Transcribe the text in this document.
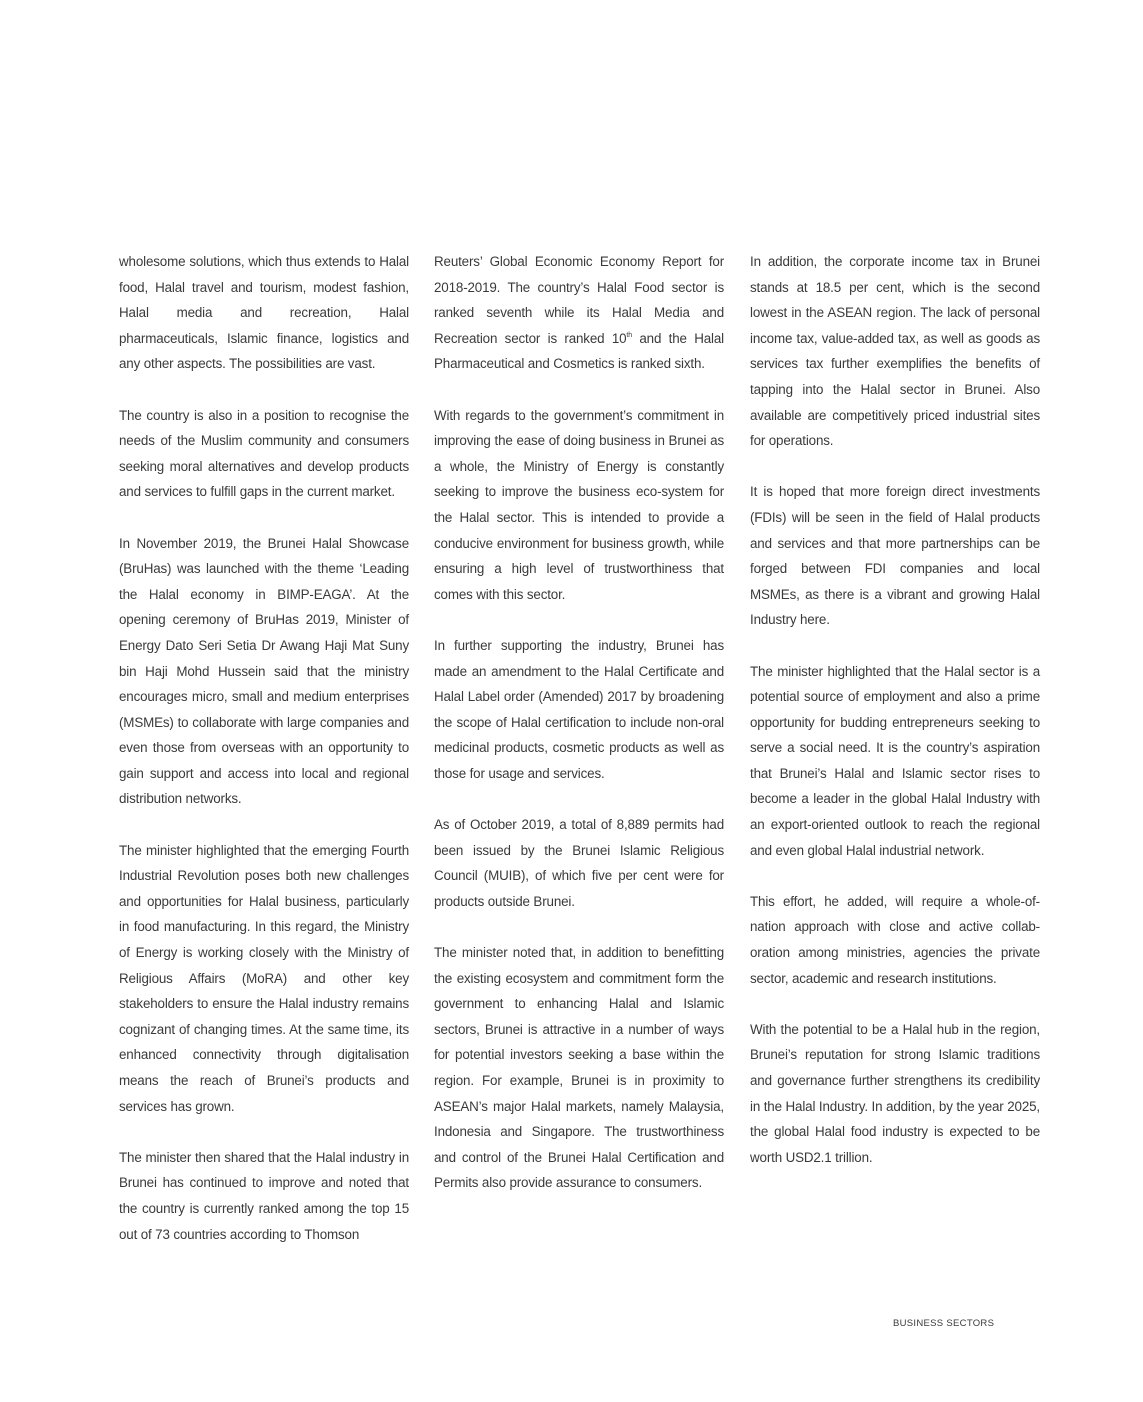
wholesome solutions, which thus extends to Halal food, Halal travel and tourism, modest fashion, Halal media and recreation, Halal pharmaceuticals, Islamic finance, logistics and any other aspects. The possibilities are vast.

The country is also in a position to recognise the needs of the Muslim community and consumers seeking moral alternatives and develop products and services to fulfill gaps in the current market.

In November 2019, the Brunei Halal Showcase (BruHas) was launched with the theme ‘Leading the Halal economy in BIMP-EAGA’. At the opening ceremony of BruHas 2019, Minister of Energy Dato Seri Setia Dr Awang Haji Mat Suny bin Haji Mohd Hussein said that the ministry encourages micro, small and medium enterprises (MSMEs) to collaborate with large companies and even those from overseas with an opportunity to gain support and access into local and regional distribution networks.

The minister highlighted that the emerging Fourth Industrial Revolution poses both new challenges and opportunities for Halal business, particularly in food manufacturing. In this regard, the Ministry of Energy is working closely with the Ministry of Religious Affairs (MoRA) and other key stakeholders to ensure the Halal industry remains cognizant of changing times. At the same time, its enhanced connectivity through digitalisation means the reach of Brunei’s products and services has grown.

The minister then shared that the Halal industry in Brunei has continued to improve and noted that the country is currently ranked among the top 15 out of 73 countries according to Thomson

Reuters’ Global Economic Economy Report for 2018-2019. The country’s Halal Food sector is ranked seventh while its Halal Media and Recreation sector is ranked 10th and the Halal Pharmaceutical and Cosmetics is ranked sixth.

With regards to the government’s commitment in improving the ease of doing business in Brunei as a whole, the Ministry of Energy is constantly seeking to improve the business eco-system for the Halal sector. This is intended to provide a conducive environment for business growth, while ensuring a high level of trustworthiness that comes with this sector.

In further supporting the industry, Brunei has made an amendment to the Halal Certificate and Halal Label order (Amended) 2017 by broadening the scope of Halal certification to include non-oral medicinal products, cosmetic products as well as those for usage and services.

As of October 2019, a total of 8,889 permits had been issued by the Brunei Islamic Religious Council (MUIB), of which five per cent were for products outside Brunei.

The minister noted that, in addition to benefitting the existing ecosystem and commitment form the government to enhancing Halal and Islamic sectors, Brunei is attractive in a number of ways for potential investors seeking a base within the region. For example, Brunei is in proximity to ASEAN’s major Halal markets, namely Malaysia, Indonesia and Singapore. The trustworthiness and control of the Brunei Halal Certification and Permits also provide assurance to consumers.

In addition, the corporate income tax in Brunei stands at 18.5 per cent, which is the second lowest in the ASEAN region. The lack of personal income tax, value-added tax, as well as goods as services tax further exemplifies the benefits of tapping into the Halal sector in Brunei. Also available are competitively priced industrial sites for operations.

It is hoped that more foreign direct investments (FDIs) will be seen in the field of Halal products and services and that more partnerships can be forged between FDI companies and local MSMEs, as there is a vibrant and growing Halal Industry here.

The minister highlighted that the Halal sector is a potential source of employment and also a prime opportunity for budding entrepreneurs seeking to serve a social need. It is the country’s aspiration that Brunei’s Halal and Islamic sector rises to become a leader in the global Halal Industry with an export-oriented outlook to reach the regional and even global Halal industrial network.

This effort, he added, will require a whole-of-nation approach with close and active collab-oration among ministries, agencies the private sector, academic and research institutions.

With the potential to be a Halal hub in the region, Brunei’s reputation for strong Islamic traditions and governance further strengthens its credibility in the Halal Industry. In addition, by the year 2025, the global Halal food industry is expected to be worth USD2.1 trillion.

BUSINESS SECTORS
